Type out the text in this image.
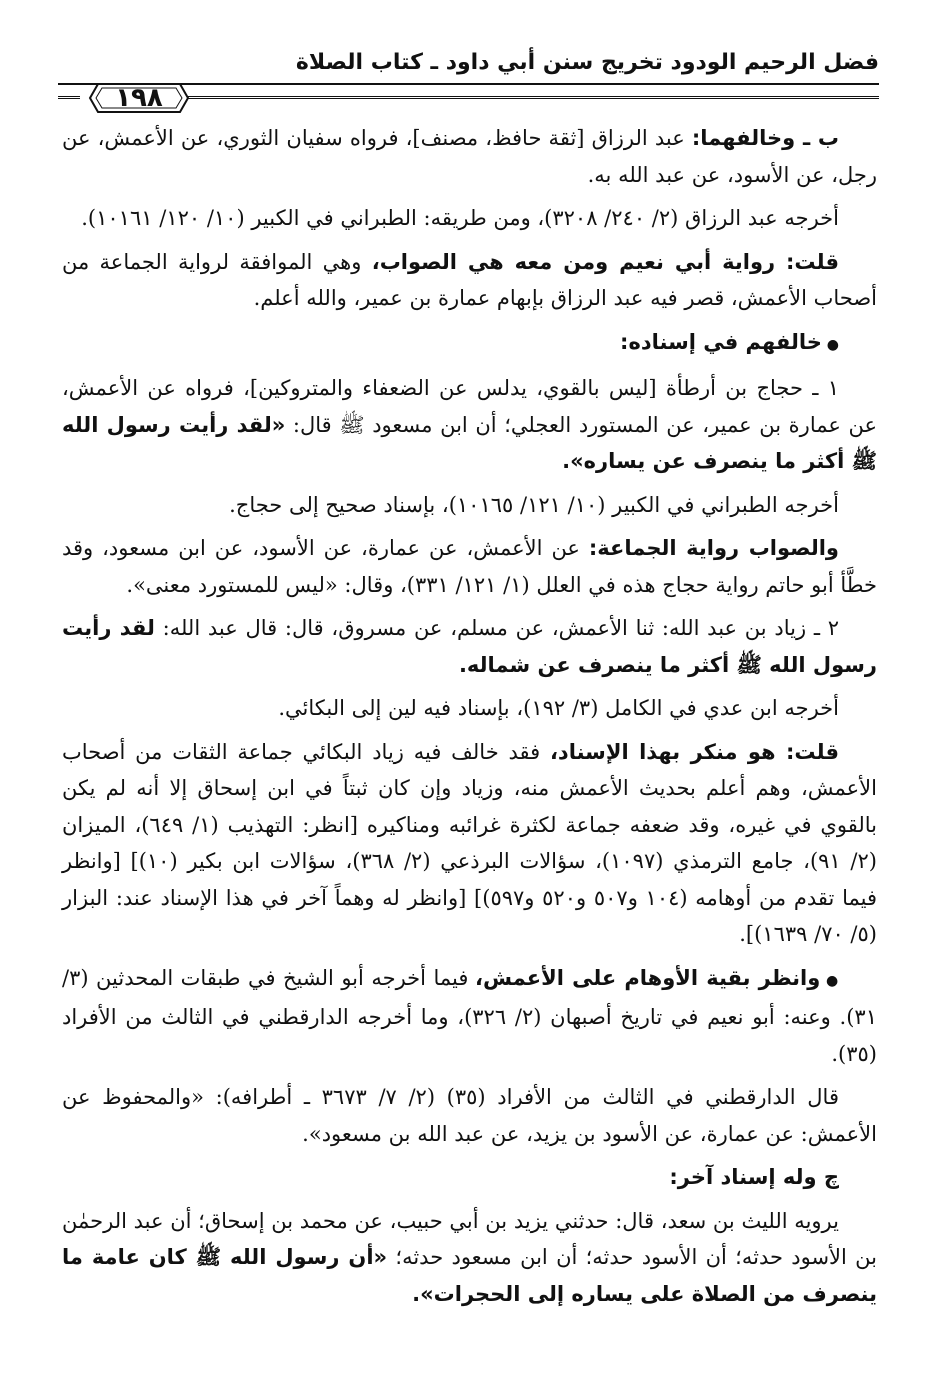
فضل الرحيم الودود تخريج سنن أبي داود ـ كتاب الصلاة
١٩٨

ب ـ وخالفهما: عبد الرزاق [ثقة حافظ، مصنف]، فرواه سفيان الثوري، عن الأعمش، عن رجل، عن الأسود، عن عبد الله به.

أخرجه عبد الرزاق (٢/ ٢٤٠/ ٣٢٠٨)، ومن طريقه: الطبراني في الكبير (١٠/ ١٢٠/ ١٠١٦١).

قلت: رواية أبي نعيم ومن معه هي الصواب، وهي الموافقة لرواية الجماعة من أصحاب الأعمش، قصر فيه عبد الرزاق بإبهام عمارة بن عمير، والله أعلم.

● خالفهم في إسناده:

١ ـ حجاج بن أرطأة [ليس بالقوي، يدلس عن الضعفاء والمتروكين]، فرواه عن الأعمش، عن عمارة بن عمير، عن المستورد العجلي؛ أن ابن مسعود ﷺ قال: «لقد رأيت رسول الله ﷺ أكثر ما ينصرف عن يساره».

أخرجه الطبراني في الكبير (١٠/ ١٢١/ ١٠١٦٥)، بإسناد صحيح إلى حجاج.

والصواب رواية الجماعة: عن الأعمش، عن عمارة، عن الأسود، عن ابن مسعود، وقد خطَّأ أبو حاتم رواية حجاج هذه في العلل (١/ ١٢١/ ٣٣١)، وقال: «ليس للمستورد معنى».

٢ ـ زياد بن عبد الله: ثنا الأعمش، عن مسلم، عن مسروق، قال: قال عبد الله: لقد رأيت رسول الله ﷺ أكثر ما ينصرف عن شماله.

أخرجه ابن عدي في الكامل (٣/ ١٩٢)، بإسناد فيه لين إلى البكائي.

قلت: هو منكر بهذا الإسناد، فقد خالف فيه زياد البكائي جماعة الثقات من أصحاب الأعمش، وهم أعلم بحديث الأعمش منه، وزياد وإن كان ثبتاً في ابن إسحاق إلا أنه لم يكن بالقوي في غيره، وقد ضعفه جماعة لكثرة غرائبه ومناكيره [انظر: التهذيب (١/ ٦٤٩)، الميزان (٢/ ٩١)، جامع الترمذي (١٠٩٧)، سؤالات البرذعي (٢/ ٣٦٨)، سؤالات ابن بكير (١٠)] [وانظر فيما تقدم من أوهامه (١٠٤ و٥٠٧ و٥٢٠ و٥٩٧)] [وانظر له وهماً آخر في هذا الإسناد عند: البزار (٥/ ٧٠/ ١٦٣٩)].

● وانظر بقية الأوهام على الأعمش، فيما أخرجه أبو الشيخ في طبقات المحدثين (٣/ ٣١). وعنه: أبو نعيم في تاريخ أصبهان (٢/ ٣٢٦)، وما أخرجه الدارقطني في الثالث من الأفراد (٣٥).

قال الدارقطني في الثالث من الأفراد (٣٥) (٢/ ٧/ ٣٦٧٣ ـ أطرافه): «والمحفوظ عن الأعمش: عن عمارة، عن الأسود بن يزيد، عن عبد الله بن مسعود».

ﭺ وله إسناد آخر:

يرويه الليث بن سعد، قال: حدثني يزيد بن أبي حبيب، عن محمد بن إسحاق؛ أن عبد الرحمٰن بن الأسود حدثه؛ أن الأسود حدثه؛ أن ابن مسعود حدثه؛ «أن رسول الله ﷺ كان عامة ما ينصرف من الصلاة على يساره إلى الحجرات».
